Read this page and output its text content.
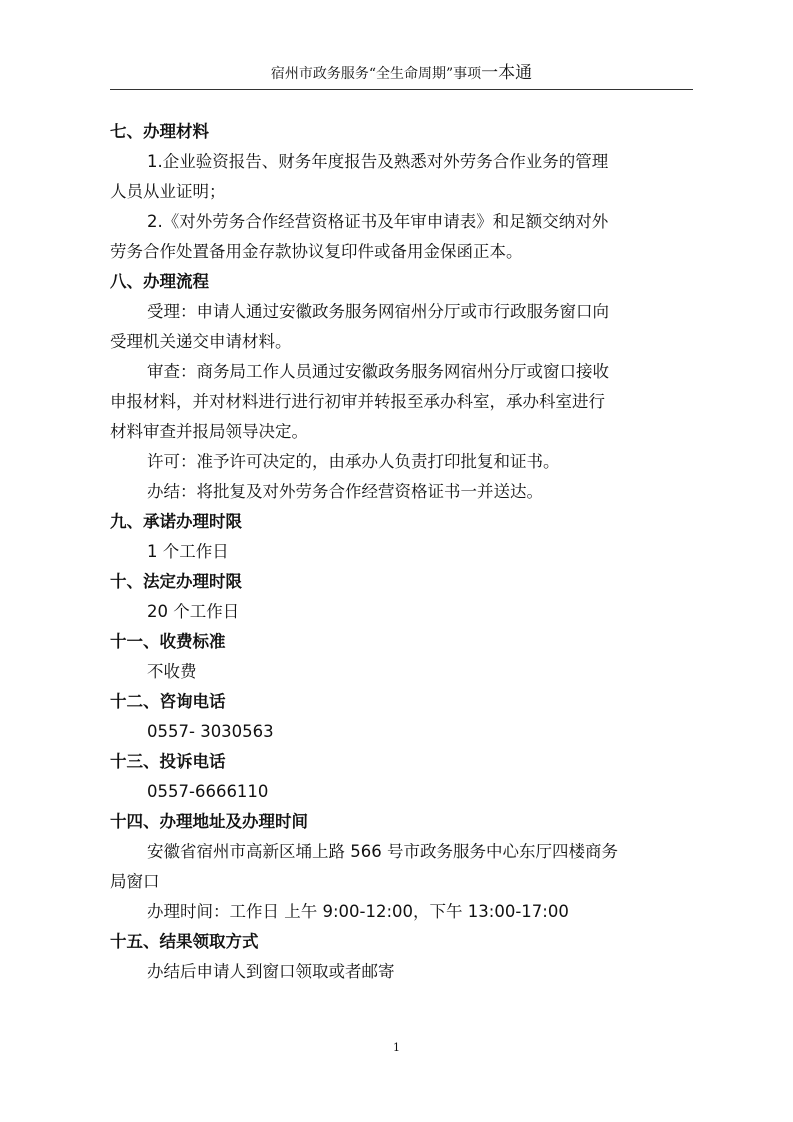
宿州市政务服务“全生命周期”事项一本通
七、办理材料
1.企业验资报告、财务年度报告及熟悉对外劳务合作业务的管理
人员从业证明；
2.《对外劳务合作经营资格证书及年审申请表》和足额交纳对外
劳务合作处置备用金存款协议复印件或备用金保函正本。
八、办理流程
受理：申请人通过安徽政务服务网宿州分厅或市行政服务窗口向
受理机关递交申请材料。
审查：商务局工作人员通过安徽政务服务网宿州分厅或窗口接收
申报材料，并对材料进行进行初审并转报至承办科室，承办科室进行
材料审查并报局领导决定。
许可：准予许可决定的，由承办人负责打印批复和证书。
办结：将批复及对外劳务合作经营资格证书一并送达。
九、承诺办理时限
1 个工作日
十、法定办理时限
20 个工作日
十一、收费标准
不收费
十二、咨询电话
0557- 3030563
十三、投诉电话
0557-6666110
十四、办理地址及办理时间
安徽省宿州市高新区埇上路 566 号市政务服务中心东厅四楼商务
局窗口
办理时间：工作日 上午 9:00-12:00，下午 13:00-17:00
十五、结果领取方式
办结后申请人到窗口领取或者邮寄
1
